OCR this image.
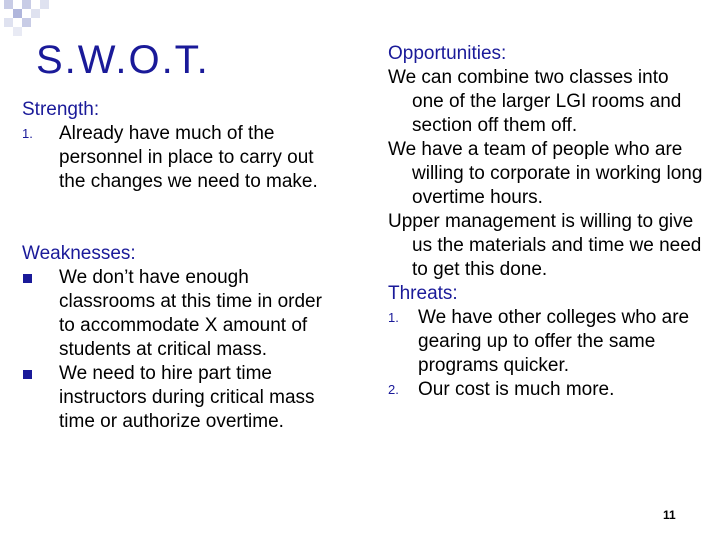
S.W.O.T.
Strength:
1. Already have much of the personnel in place to carry out the changes we need to make.
Weaknesses:
We don’t have enough classrooms at this time in order to accommodate X amount of students at critical mass.
We need to hire part time instructors during critical mass time or authorize overtime.
Opportunities:
We can combine two classes into one of the larger LGI rooms and section off them off.
We have a team of people who are willing to corporate in working long overtime hours.
Upper management is willing to give us the materials and time we need to get this done.
Threats:
1. We have other colleges who are gearing up to offer the same programs quicker.
2. Our cost is much more.
11
